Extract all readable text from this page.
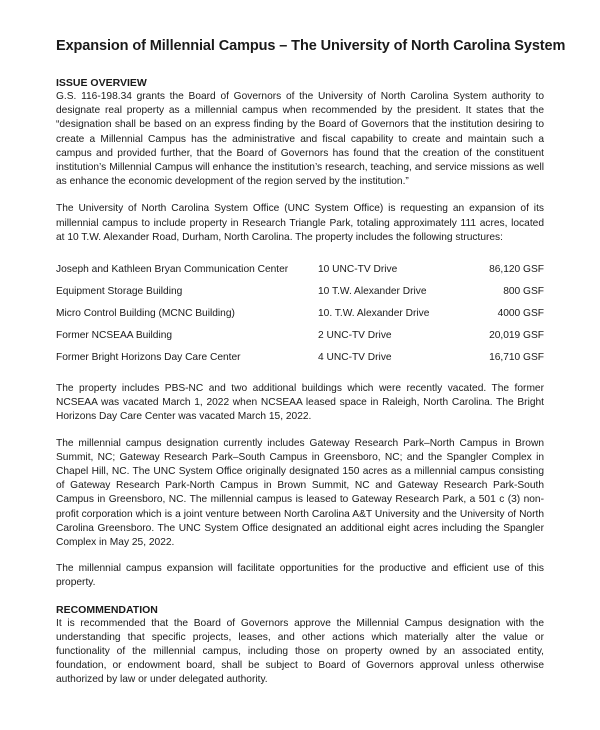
Expansion of Millennial Campus – The University of North Carolina System
ISSUE OVERVIEW

G.S. 116-198.34 grants the Board of Governors of the University of North Carolina System authority to designate real property as a millennial campus when recommended by the president. It states that the “designation shall be based on an express finding by the Board of Governors that the institution desiring to create a Millennial Campus has the administrative and fiscal capability to create and maintain such a campus and provided further, that the Board of Governors has found that the creation of the constituent institution’s Millennial Campus will enhance the institution’s research, teaching, and service missions as well as enhance the economic development of the region served by the institution.”

The University of North Carolina System Office (UNC System Office) is requesting an expansion of its millennial campus to include property in Research Triangle Park, totaling approximately 111 acres, located at 10 T.W. Alexander Road, Durham, North Carolina. The property includes the following structures:

Joseph and Kathleen Bryan Communication Center	10 UNC-TV Drive	86,120 GSF
Equipment Storage Building	10 T.W. Alexander Drive	800 GSF
Micro Control Building (MCNC Building)	10. T.W. Alexander Drive	4000 GSF
Former NCSEAA Building	2 UNC-TV Drive	20,019 GSF
Former Bright Horizons Day Care Center	4 UNC-TV Drive	16,710 GSF

The property includes PBS-NC and two additional buildings which were recently vacated. The former NCSEAA was vacated March 1, 2022 when NCSEAA leased space in Raleigh, North Carolina. The Bright Horizons Day Care Center was vacated March 15, 2022.

The millennial campus designation currently includes Gateway Research Park–North Campus in Brown Summit, NC; Gateway Research Park–South Campus in Greensboro, NC; and the Spangler Complex in Chapel Hill, NC. The UNC System Office originally designated 150 acres as a millennial campus consisting of Gateway Research Park-North Campus in Brown Summit, NC and Gateway Research Park-South Campus in Greensboro, NC. The millennial campus is leased to Gateway Research Park, a 501 c (3) non-profit corporation which is a joint venture between North Carolina A&T University and the University of North Carolina Greensboro. The UNC System Office designated an additional eight acres including the Spangler Complex in May 25, 2022.

The millennial campus expansion will facilitate opportunities for the productive and efficient use of this property.

RECOMMENDATION

It is recommended that the Board of Governors approve the Millennial Campus designation with the understanding that specific projects, leases, and other actions which materially alter the value or functionality of the millennial campus, including those on property owned by an associated entity, foundation, or endowment board, shall be subject to Board of Governors approval unless otherwise authorized by law or under delegated authority.
